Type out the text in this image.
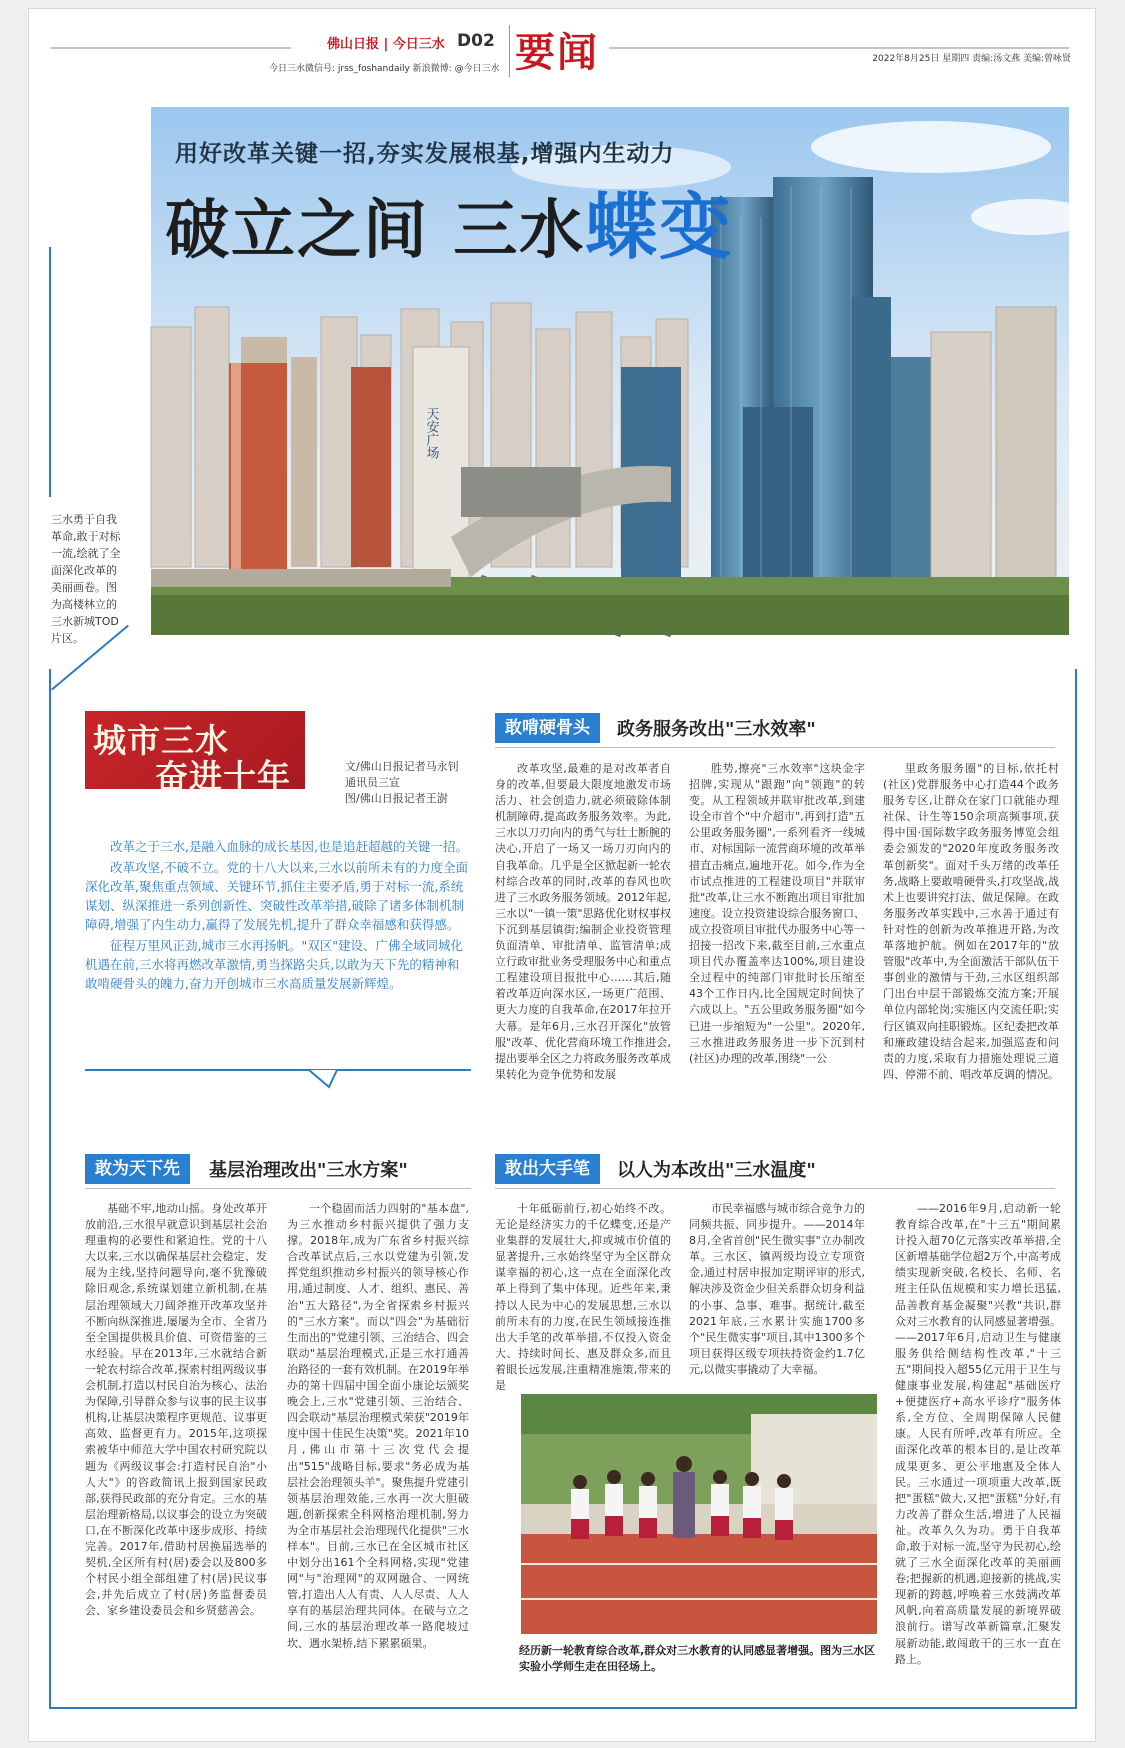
佛山日报 | 今日三水 D02 要闻
今日三水微信号: jrss_foshandaily 新浪微博: @今日三水
2022年8月25日 星期四 责编:汤文燕 美编:曾咏贤
天安广场
用好改革关键一招,夯实发展根基,增强内生动力
破立之间 三水蝶变
三水勇于自我革命,敢于对标一流,绘就了全面深化改革的美丽画卷。图为高楼林立的三水新城TOD片区。
城市三水
奋进十年	文/佛山日报记者马永钊
通讯员三宣
图/佛山日报记者王澍

改革之于三水,是融入血脉的成长基因,也是追赶超越的关键一招。

改革攻坚,不破不立。党的十八大以来,三水以前所未有的力度全面深化改革,聚焦重点领域、关键环节,抓住主要矛盾,勇于对标一流,系统谋划、纵深推进一系列创新性、突破性改革举措,破除了诸多体制机制障碍,增强了内生动力,赢得了发展先机,提升了群众幸福感和获得感。

征程万里风正劲,城市三水再扬帆。"双区"建设、广佛全域同城化机遇在前,三水将再燃改革激情,勇当探路尖兵,以敢为天下先的精神和敢啃硬骨头的魄力,奋力开创城市三水高质量发展新辉煌。

敢啃硬骨头	政务服务改出"三水效率"

改革攻坚,最难的是对改革者自身的改革,但要最大限度地激发市场活力、社会创造力,就必须破除体制机制障碍,提高政务服务效率。为此,三水以刀刃向内的勇气与壮士断腕的决心,开启了一场又一场刀刃向内的自我革命。几乎是全区掀起新一轮农村综合改革的同时,改革的春风也吹进了三水政务服务领域。2012年起,三水以"一镇一策"思路优化财权事权下沉到基层镇街;编制企业投资管理负面清单、审批清单、监管清单;成立行政审批业务受理服务中心和重点工程建设项目报批中心……其后,随着改革迈向深水区,一场更广范围、更大力度的自我革命,在2017年拉开大幕。是年6月,三水召开深化"放管服"改革、优化营商环境工作推进会,提出要举全区之力将政务服务改革成果转化为竞争优势和发展

胜势,擦亮"三水效率"这块金字招牌,实现从"跟跑"向"领跑"的转变。从工程领域并联审批改革,到建设全市首个"中介超市",再到打造"五公里政务服务圈",一系列看齐一线城市、对标国际一流营商环境的改革举措直击痛点,遍地开花。如今,作为全市试点推进的工程建设项目"并联审批"改革,让三水不断跑出项目审批加速度。设立投资建设综合服务窗口、成立投资项目审批代办服务中心等一招接一招改下来,截至目前,三水重点项目代办覆盖率达100%,项目建设全过程中的纯部门审批时长压缩至43个工作日内,比全国规定时间快了六成以上。"五公里政务服务圈"如今已进一步缩短为"一公里"。2020年,三水推进政务服务进一步下沉到村(社区)办理的改革,围绕"一公

里政务服务圈"的目标,依托村(社区)党群服务中心打造44个政务服务专区,让群众在家门口就能办理社保、计生等150余项高频事项,获得中国·国际数字政务服务博览会组委会颁发的"2020年度政务服务改革创新奖"。面对千头万绪的改革任务,战略上要敢啃硬骨头,打攻坚战,战术上也要讲究打法、做足保障。在政务服务改革实践中,三水善于通过有针对性的创新为改革推进开路,为改革落地护航。例如在2017年的"放管服"改革中,为全面激活干部队伍干事创业的激情与干劲,三水区组织部门出台中层干部锻炼交流方案;开展单位内部轮岗;实施区内交流任职;实行区镇双向挂职锻炼。区纪委把改革和廉政建设结合起来,加强巡查和问责的力度,采取有力措施处理说三道四、停滞不前、唱改革反调的情况。

敢为天下先	基层治理改出"三水方案"

基础不牢,地动山摇。身处改革开放前沿,三水很早就意识到基层社会治理重构的必要性和紧迫性。党的十八大以来,三水以确保基层社会稳定、发展为主线,坚持问题导向,毫不犹豫破除旧观念,系统谋划建立新机制,在基层治理领域大刀阔斧推开改革攻坚并不断向纵深推进,屡屡为全市、全省乃至全国提供极具价值、可资借鉴的三水经验。早在2013年,三水就结合新一轮农村综合改革,探索村组两级议事会机制,打造以村民自治为核心、法治为保障,引导群众参与议事的民主议事机构,让基层决策程序更规范、议事更高效、监督更有力。2015年,这项探索被华中师范大学中国农村研究院以题为《两级议事会:打造村民自治"小人大"》的咨政简讯上报到国家民政部,获得民政部的充分肯定。三水的基层治理新格局,以议事会的设立为突破口,在不断深化改革中逐步成形、持续完善。2017年,借助村居换届选举的契机,全区所有村(居)委会以及800多个村民小组全部组建了村(居)民议事会,并先后成立了村(居)务监督委员会、家乡建设委员会和乡贤慈善会。

一个稳固而活力四射的"基本盘",为三水推动乡村振兴提供了强力支撑。2018年,成为广东省乡村振兴综合改革试点后,三水以党建为引领,发挥党组织推动乡村振兴的领导核心作用,通过制度、人才、组织、惠民、善治"五大路径",为全省探索乡村振兴的"三水方案"。而以"四会"为基础衍生而出的"党建引领、三治结合、四会联动"基层治理模式,正是三水打通善治路径的一套有效机制。在2019年举办的第十四届中国全面小康论坛颁奖晚会上,三水"党建引领、三治结合、四会联动"基层治理模式荣获"2019年度中国十佳民生决策"奖。2021年10月,佛山市第十三次党代会提出"515"战略目标,要求"务必成为基层社会治理领头羊"。聚焦提升党建引领基层治理效能,三水再一次大胆破题,创新探索全科网格治理机制,努力为全市基层社会治理现代化提供"三水样本"。目前,三水已在全区城市社区中划分出161个全科网格,实现"党建网"与"治理网"的双网融合、一网统管,打造出人人有责、人人尽责、人人享有的基层治理共同体。在破与立之间,三水的基层治理改革一路爬坡过坎、遇水架桥,结下累累硕果。

敢出大手笔	以人为本改出"三水温度"

十年砥砺前行,初心始终不改。无论是经济实力的千亿蝶变,还是产业集群的发展壮大,抑或城市价值的显著提升,三水始终坚守为全区群众谋幸福的初心,这一点在全面深化改革上得到了集中体现。近些年来,秉持以人民为中心的发展思想,三水以前所未有的力度,在民生领域接连推出大手笔的改革举措,不仅投入资金大、持续时间长、惠及群众多,而且着眼长远发展,注重精准施策,带来的是

市民幸福感与城市综合竞争力的同频共振、同步提升。——2014年8月,全省首创"民生微实事"立办制改革。三水区、镇两级均设立专项资金,通过村居申报加定期评审的形式,解决涉及资金少但关系群众切身利益的小事、急事、难事。据统计,截至2021年底,三水累计实施1700多个"民生微实事"项目,其中1300多个项目获得区级专项扶持资金约1.7亿元,以微实事撬动了大幸福。

——2016年9月,启动新一轮教育综合改革,在"十三五"期间累计投入超70亿元落实改革举措,全区新增基础学位超2万个,中高考成绩实现新突破,名校长、名师、名班主任队伍规模和实力增长迅猛,品善教育基金凝聚"兴教"共识,群众对三水教育的认同感显著增强。——2017年6月,启动卫生与健康服务供给侧结构性改革,"十三五"期间投入超55亿元用于卫生与健康事业发展,构建起"基础医疗+便捷医疗+高水平诊疗"服务体系,全方位、全周期保障人民健康。人民有所呼,改革有所应。全面深化改革的根本目的,是让改革成果更多、更公平地惠及全体人民。三水通过一项项重大改革,既把"蛋糕"做大,又把"蛋糕"分好,有力改善了群众生活,增进了人民福祉。改革久久为功。勇于自我革命,敢于对标一流,坚守为民初心,绘就了三水全面深化改革的美丽画卷;把握新的机遇,迎接新的挑战,实现新的跨越,呼唤着三水鼓满改革风帆,向着高质量发展的新境界破浪前行。谱写改革新篇章,汇聚发展新动能,敢闯敢干的三水一直在路上。

经历新一轮教育综合改革,群众对三水教育的认同感显著增强。图为三水区实验小学师生走在田径场上。
